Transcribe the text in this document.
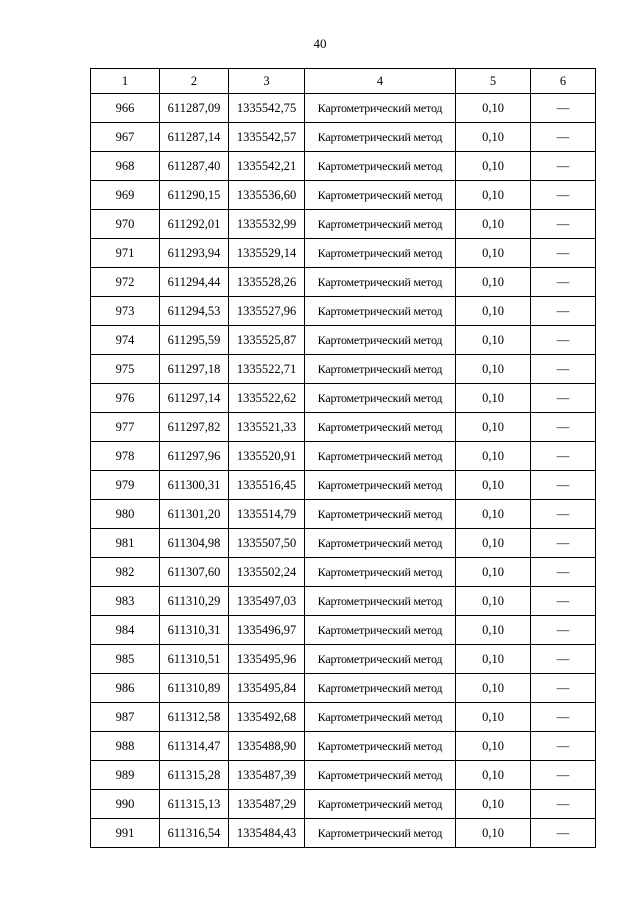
40
1	2	3	4	5	6
966	611287,09	1335542,75	Картометрический метод	0,10	—
967	611287,14	1335542,57	Картометрический метод	0,10	—
968	611287,40	1335542,21	Картометрический метод	0,10	—
969	611290,15	1335536,60	Картометрический метод	0,10	—
970	611292,01	1335532,99	Картометрический метод	0,10	—
971	611293,94	1335529,14	Картометрический метод	0,10	—
972	611294,44	1335528,26	Картометрический метод	0,10	—
973	611294,53	1335527,96	Картометрический метод	0,10	—
974	611295,59	1335525,87	Картометрический метод	0,10	—
975	611297,18	1335522,71	Картометрический метод	0,10	—
976	611297,14	1335522,62	Картометрический метод	0,10	—
977	611297,82	1335521,33	Картометрический метод	0,10	—
978	611297,96	1335520,91	Картометрический метод	0,10	—
979	611300,31	1335516,45	Картометрический метод	0,10	—
980	611301,20	1335514,79	Картометрический метод	0,10	—
981	611304,98	1335507,50	Картометрический метод	0,10	—
982	611307,60	1335502,24	Картометрический метод	0,10	—
983	611310,29	1335497,03	Картометрический метод	0,10	—
984	611310,31	1335496,97	Картометрический метод	0,10	—
985	611310,51	1335495,96	Картометрический метод	0,10	—
986	611310,89	1335495,84	Картометрический метод	0,10	—
987	611312,58	1335492,68	Картометрический метод	0,10	—
988	611314,47	1335488,90	Картометрический метод	0,10	—
989	611315,28	1335487,39	Картометрический метод	0,10	—
990	611315,13	1335487,29	Картометрический метод	0,10	—
991	611316,54	1335484,43	Картометрический метод	0,10	—
